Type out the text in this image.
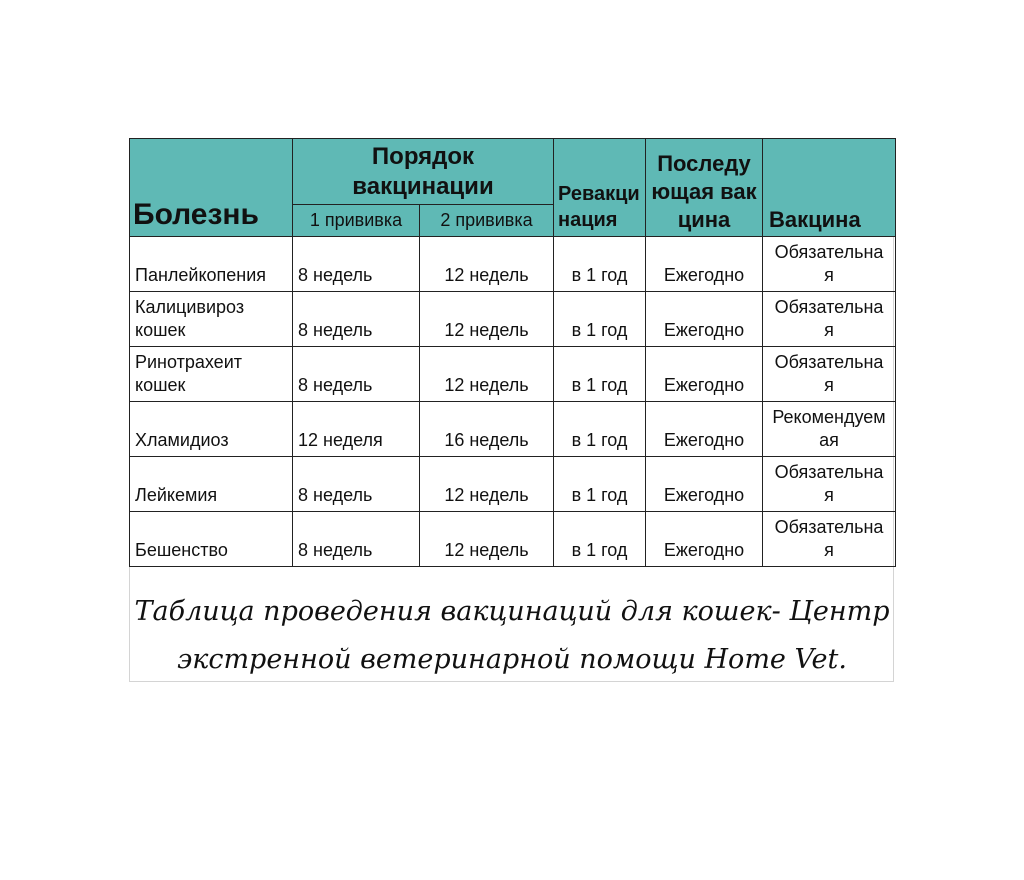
Болезнь	Порядок вакцинации		Ревакцинация	Последующая вакцина	Вакцина
	1 прививка	2 прививка			
Панлейкопения	8 недель	12 недель	в 1 год	Ежегодно	Обязательная

Калицивироз кошек	8 недель	12 недель	в 1 год	Ежегодно	Обязательная

Ринотрахеит кошек	8 недель	12 недель	в 1 год	Ежегодно	Обязательная

Хламидиоз	12 неделя	16 недель	в 1 год	Ежегодно	Рекомендуемая

Лейкемия	8 недель	12 недель	в 1 год	Ежегодно	Обязательная

Бешенство	8 недель	12 недель	в 1 год	Ежегодно	Обязательная
Таблица проведения вакцинаций для кошек- Центр
экстренной ветеринарной помощи Home Vet.
